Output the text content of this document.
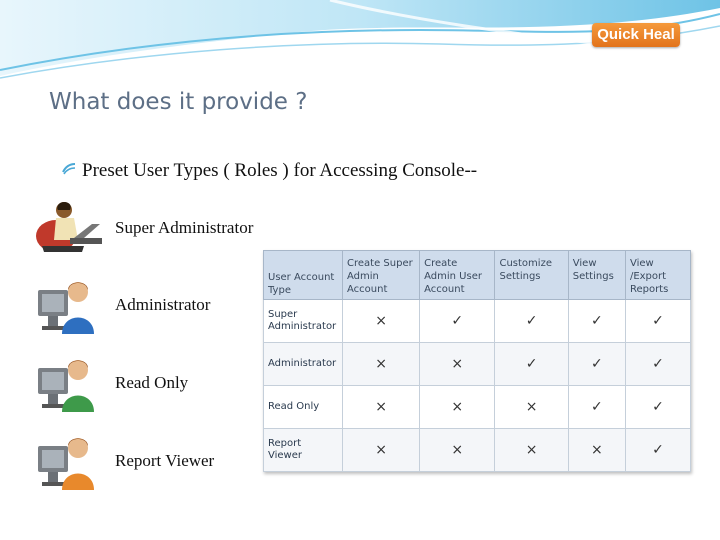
Quick Heal
What does it provide ?
Preset User Types ( Roles ) for Accessing Console--
Super Administrator
Administrator
Read Only
Report Viewer
User Account Type	Create Super Admin Account	Create Admin User Account	Customize Settings	View Settings	View /Export Reports
Super Administrator	×	✓	✓	✓	✓
Administrator	×	×	✓	✓	✓
Read Only	×	×	×	✓	✓
Report Viewer	×	×	×	×	✓
